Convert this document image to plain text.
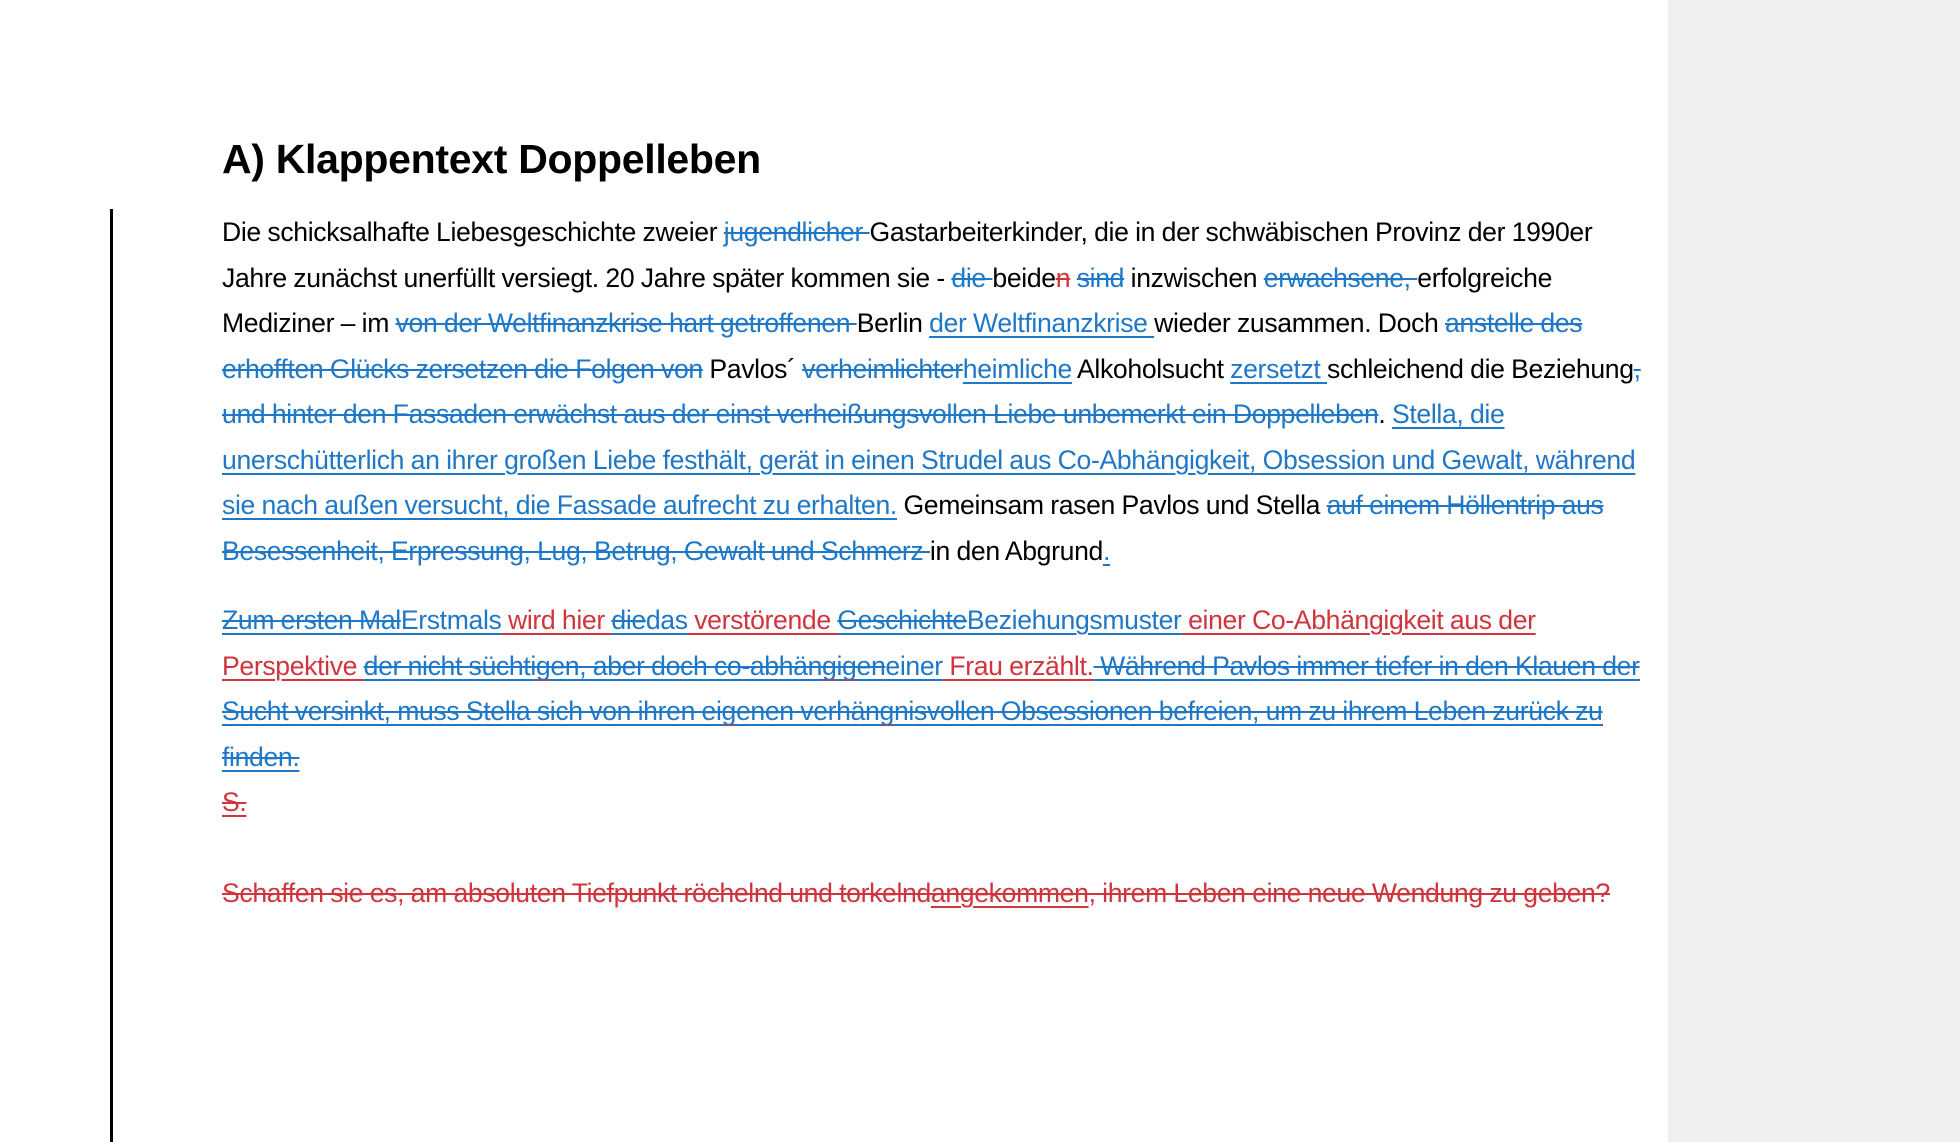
A) Klappentext Doppelleben

Die schicksalhafte Liebesgeschichte zweier jugendlicher Gastarbeiterkinder, die in der schwäbischen Provinz der 1990er Jahre zunächst unerfüllt versiegt. 20 Jahre später kommen sie - die beiden sind inzwischen erwachsene, erfolgreiche Mediziner – im von der Weltfinanzkrise hart getroffenen Berlin der Weltfinanzkrise wieder zusammen. Doch anstelle des erhofften Glücks zersetzen die Folgen von Pavlos´ verheimlichterheimliche Alkoholsucht zersetzt schleichend die Beziehung, und hinter den Fassaden erwächst aus der einst verheißungsvollen Liebe unbemerkt ein Doppelleben. Stella, die unerschütterlich an ihrer großen Liebe festhält, gerät in einen Strudel aus Co-Abhängigkeit, Obsession und Gewalt, während sie nach außen versucht, die Fassade aufrecht zu erhalten. Gemeinsam rasen Pavlos und Stella auf einem Höllentrip aus Besessenheit, Erpressung, Lug, Betrug, Gewalt und Schmerz in den Abgrund.

Zum ersten MalErstmals wird hier diedas verstörende GeschichteBeziehungsmuster einer Co-Abhängigkeit aus der Perspektive der nicht süchtigen, aber doch co-abhängigeneiner Frau erzählt. Während Pavlos immer tiefer in den Klauen der Sucht versinkt, muss Stella sich von ihren eigenen verhängnisvollen Obsessionen befreien, um zu ihrem Leben zurück zu finden.

S.

Schaffen sie es, am absoluten Tiefpunkt röchelnd und torkelndangekommen, ihrem Leben eine neue Wendung zu geben?
